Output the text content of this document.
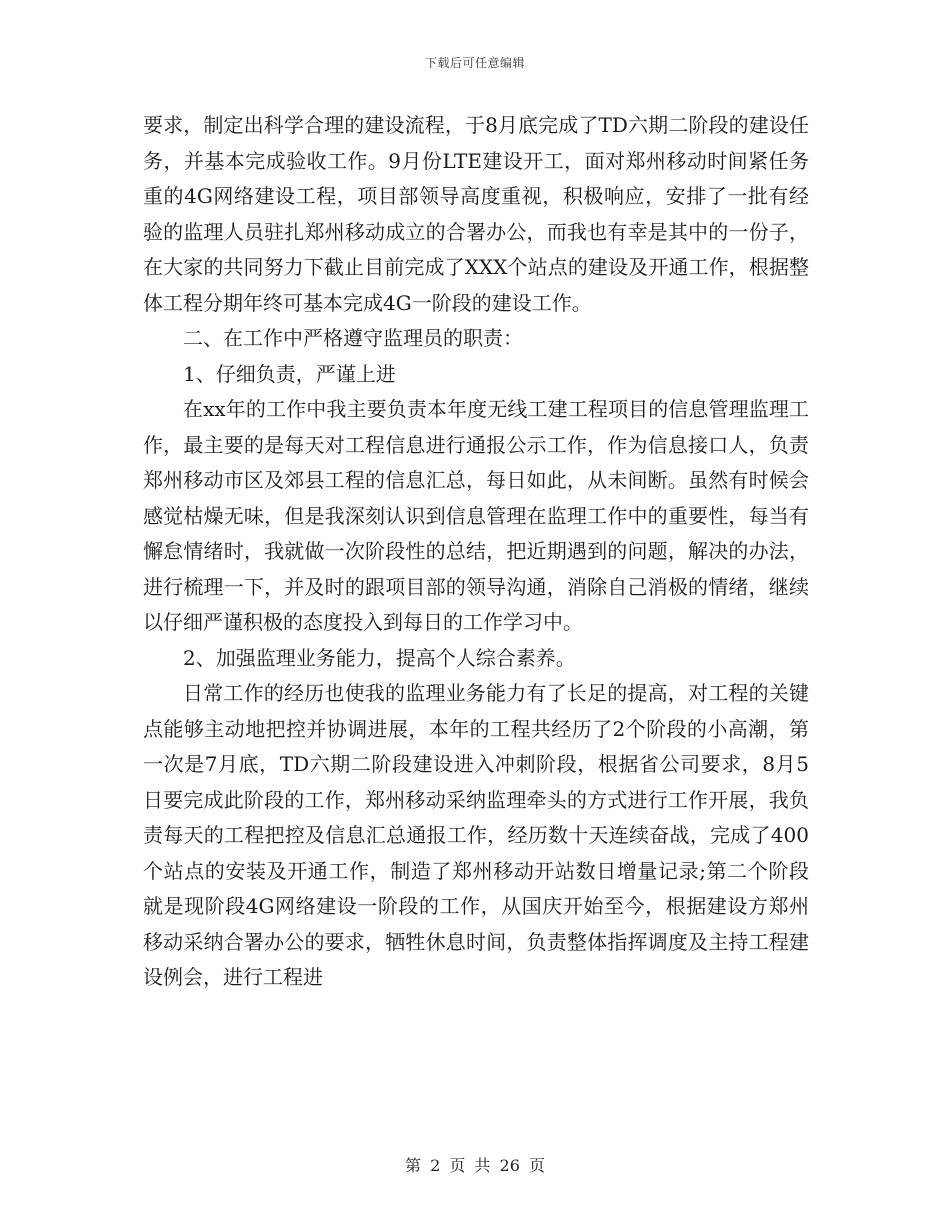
下载后可任意编辑

要求，制定出科学合理的建设流程，于8月底完成了TD六期二阶段的建设任务，并基本完成验收工作。9月份LTE建设开工，面对郑州移动时间紧任务重的4G网络建设工程，项目部领导高度重视，积极响应，安排了一批有经验的监理人员驻扎郑州移动成立的合署办公，而我也有幸是其中的一份子，在大家的共同努力下截止目前完成了XXX个站点的建设及开通工作，根据整体工程分期年终可基本完成4G一阶段的建设工作。

二、在工作中严格遵守监理员的职责：

1、仔细负责，严谨上进

在xx年的工作中我主要负责本年度无线工建工程项目的信息管理监理工作，最主要的是每天对工程信息进行通报公示工作，作为信息接口人，负责郑州移动市区及郊县工程的信息汇总，每日如此，从未间断。虽然有时候会感觉枯燥无味，但是我深刻认识到信息管理在监理工作中的重要性，每当有懈怠情绪时，我就做一次阶段性的总结，把近期遇到的问题，解决的办法，进行梳理一下，并及时的跟项目部的领导沟通，消除自己消极的情绪，继续以仔细严谨积极的态度投入到每日的工作学习中。

2、加强监理业务能力，提高个人综合素养。

日常工作的经历也使我的监理业务能力有了长足的提高，对工程的关键点能够主动地把控并协调进展，本年的工程共经历了2个阶段的小高潮，第一次是7月底，TD六期二阶段建设进入冲刺阶段，根据省公司要求，8月5日要完成此阶段的工作，郑州移动采纳监理牵头的方式进行工作开展，我负责每天的工程把控及信息汇总通报工作，经历数十天连续奋战，完成了400个站点的安装及开通工作，制造了郑州移动开站数日增量记录;第二个阶段就是现阶段4G网络建设一阶段的工作，从国庆开始至今，根据建设方郑州移动采纳合署办公的要求，牺牲休息时间，负责整体指挥调度及主持工程建设例会，进行工程进

第 2 页 共 26 页
